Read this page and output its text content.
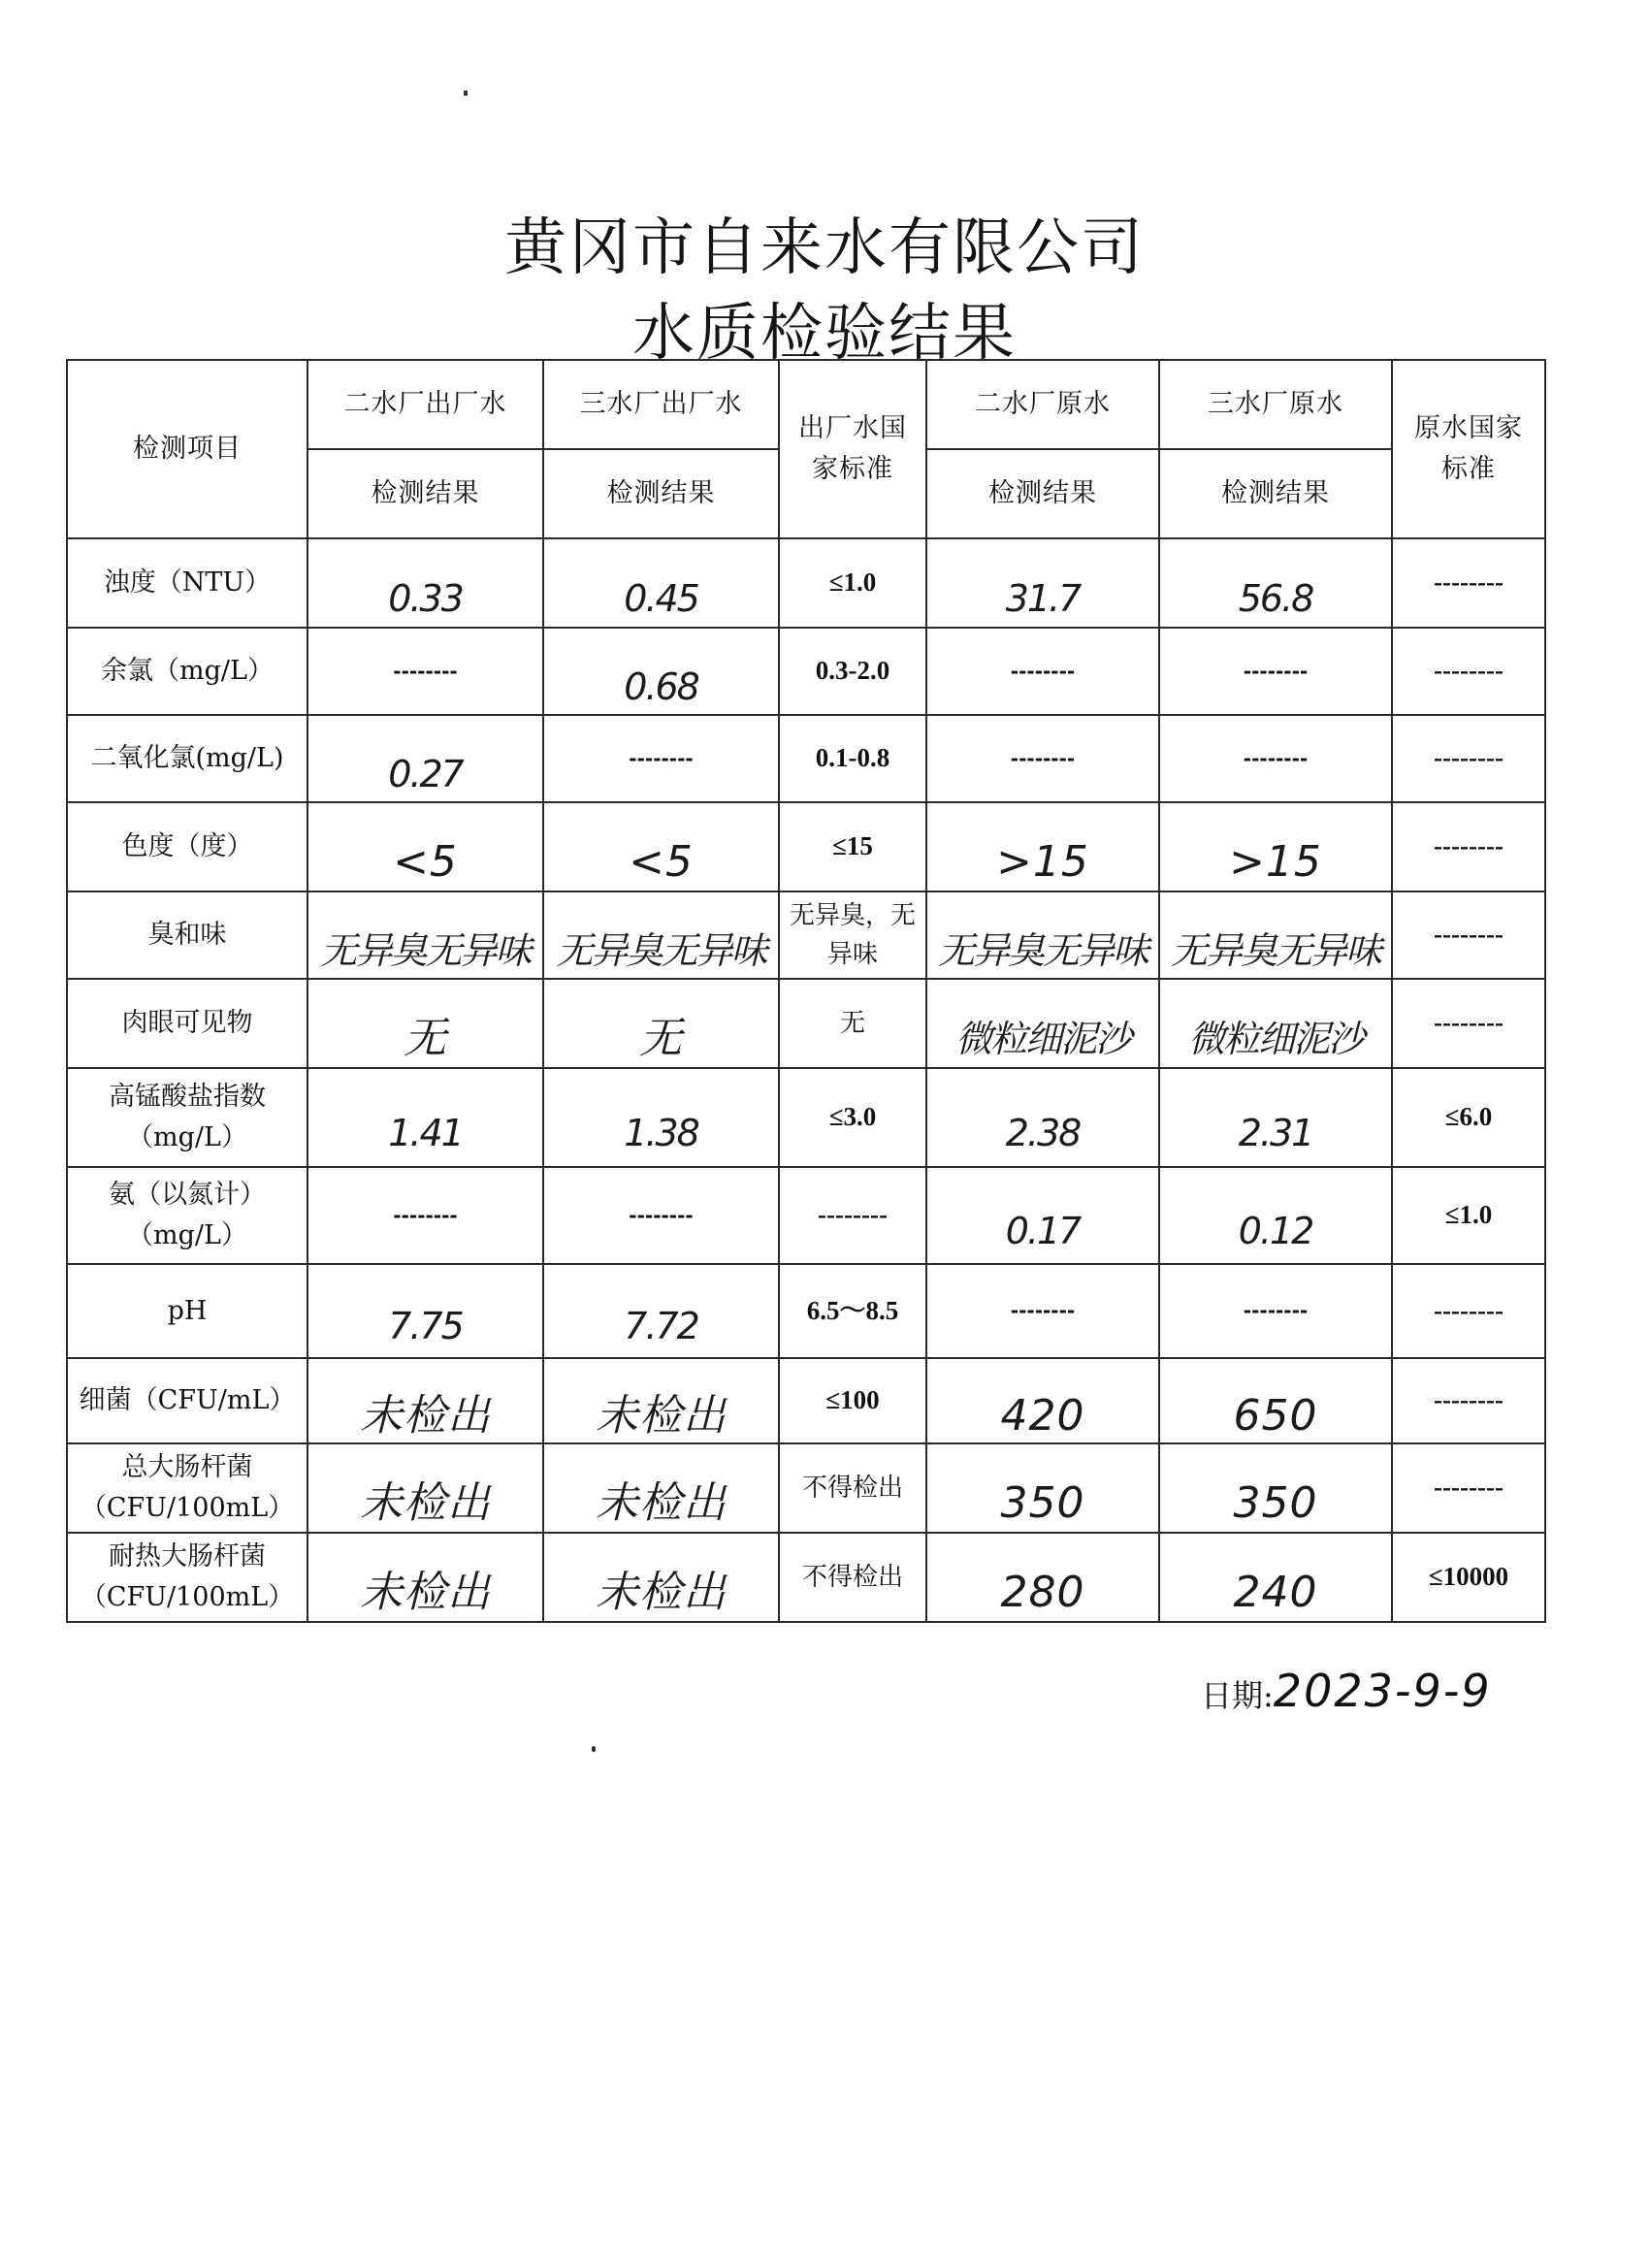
黄冈市自来水有限公司
水质检验结果
检测项目	二水厂出厂水	三水厂出厂水	出厂水国家标准	二水厂原水	三水厂原水	原水国家标准
	检测结果	检测结果		检测结果	检测结果	
浊度（NTU）	0.33	0.45	≤1.0	31.7	56.8	--------
余氯（mg/L）	--------	0.68	0.3-2.0	--------	--------	--------
二氧化氯(mg/L)	0.27	--------	0.1-0.8	--------	--------	--------
色度（度）	<5	<5	≤15	>15	>15	--------
臭和味	无异臭无异味	无异臭无异味	无异臭，无异味	无异臭无异味	无异臭无异味	--------
肉眼可见物	无	无	无	微粒细泥沙	微粒细泥沙	--------
高锰酸盐指数（mg/L）	1.41	1.38	≤3.0	2.38	2.31	≤6.0
氨（以氮计）（mg/L）	--------	--------	--------	0.17	0.12	≤1.0
pH	7.75	7.72	6.5～8.5	--------	--------	--------
细菌（CFU/mL）	未检出	未检出	≤100	420	650	--------
总大肠杆菌（CFU/100mL）	未检出	未检出	不得检出	350	350	--------
耐热大肠杆菌（CFU/100mL）	未检出	未检出	不得检出	280	240	≤10000
日期:2023-9-9
